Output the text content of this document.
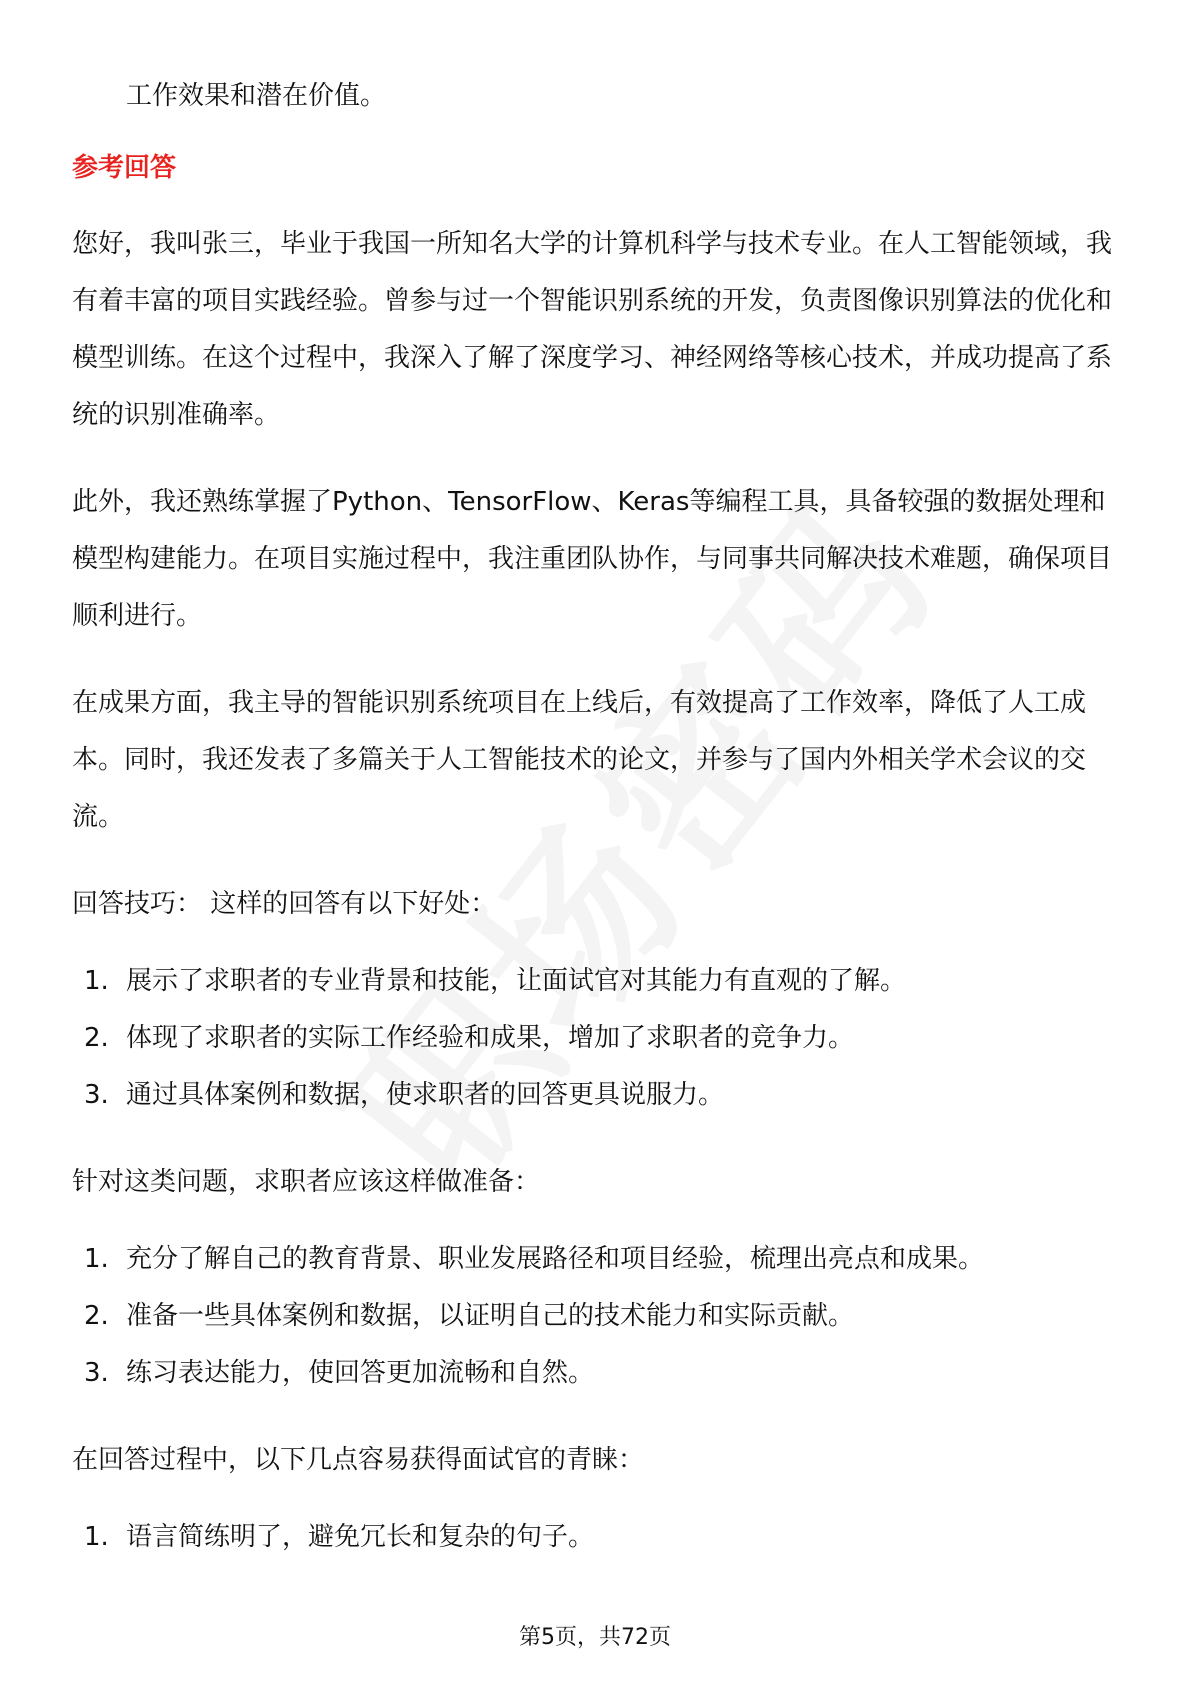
工作效果和潜在价值。

参考回答

您好，我叫张三，毕业于我国一所知名大学的计算机科学与技术专业。在人工智能领域，我有着丰富的项目实践经验。曾参与过一个智能识别系统的开发，负责图像识别算法的优化和模型训练。在这个过程中，我深入了解了深度学习、神经网络等核心技术，并成功提高了系统的识别准确率。

此外，我还熟练掌握了Python、TensorFlow、Keras等编程工具，具备较强的数据处理和模型构建能力。在项目实施过程中，我注重团队协作，与同事共同解决技术难题，确保项目顺利进行。

在成果方面，我主导的智能识别系统项目在上线后，有效提高了工作效率，降低了人工成本。同时，我还发表了多篇关于人工智能技术的论文，并参与了国内外相关学术会议的交流。

回答技巧： 这样的回答有以下好处：

1. 展示了求职者的专业背景和技能，让面试官对其能力有直观的了解。
2. 体现了求职者的实际工作经验和成果，增加了求职者的竞争力。
3. 通过具体案例和数据，使求职者的回答更具说服力。

针对这类问题，求职者应该这样做准备：

1. 充分了解自己的教育背景、职业发展路径和项目经验，梳理出亮点和成果。
2. 准备一些具体案例和数据，以证明自己的技术能力和实际贡献。
3. 练习表达能力，使回答更加流畅和自然。

在回答过程中，以下几点容易获得面试官的青睐：

1. 语言简练明了，避免冗长和复杂的句子。
第5页，共72页
